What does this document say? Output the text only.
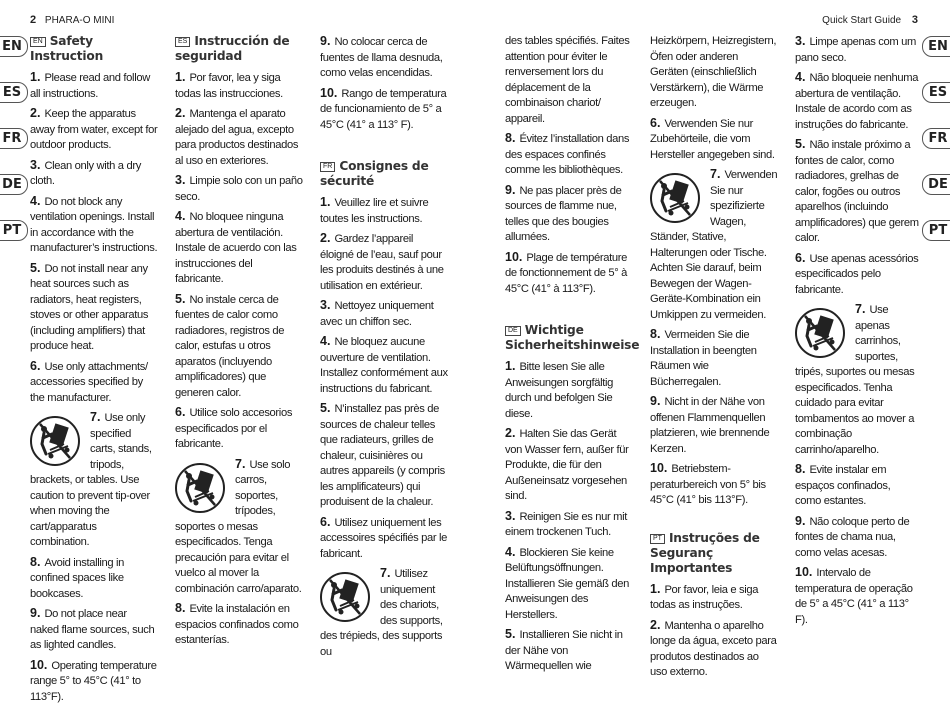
2 PHARA-O MINI	Quick Start Guide 3
EN
ES
FR
DE
PT
EN
ES
FR
DE
PT
EN Safety Instruction

1. Please read and follow all instructions.

2. Keep the apparatus away from water, except for outdoor products.

3. Clean only with a dry cloth.

4. Do not block any ventilation openings. Install in accordance with the manufacturer’s instructions.

5. Do not install near any heat sources such as radiators, heat registers, stoves or other apparatus (including amplifiers) that produce heat.

6. Use only attachments/ accessories specified by the manufacturer.

7. Use only specified carts, stands, tripods, brackets, or tables. Use caution to prevent tip-over when moving the cart/apparatus combination.

8. Avoid installing in confined spaces like bookcases.

9. Do not place near naked flame sources, such as lighted candles.

10. Operating temperature range 5° to 45°C (41° to 113°F).

ES Instrucción de seguridad

1. Por favor, lea y siga todas las instrucciones.

2. Mantenga el aparato alejado del agua, excepto para productos destinados al uso en exteriores.

3. Limpie solo con un paño seco.

4. No bloquee ninguna abertura de ventilación. Instale de acuerdo con las instrucciones del fabricante.

5. No instale cerca de fuentes de calor como radiadores, registros de calor, estufas u otros aparatos (incluyendo amplificadores) que generen calor.

6. Utilice solo accesorios especificados por el fabricante.

7. Use solo carros, soportes, trípodes, soportes o mesas especificados. Tenga precaución para evitar el vuelco al mover la combinación carro/aparato.

8. Evite la instalación en espacios confinados como estanterías.

9. No colocar cerca de fuentes de llama desnuda, como velas encendidas.

10. Rango de temperatura de funcionamiento de 5° a 45°C (41° a 113° F).

FR Consignes de sécurité

1. Veuillez lire et suivre toutes les instructions.

2. Gardez l’appareil éloigné de l’eau, sauf pour les produits destinés à une utilisation en extérieur.

3. Nettoyez uniquement avec un chiffon sec.

4. Ne bloquez aucune ouverture de ventilation. Installez conformément aux instructions du fabricant.

5. N’installez pas près de sources de chaleur telles que radiateurs, grilles de chaleur, cuisinières ou autres appareils (y compris les amplificateurs) qui produisent de la chaleur.

6. Utilisez uniquement les accessoires spécifiés par le fabricant.

7. Utilisez uniquement des chariots, des supports, des trépieds, des supports ou

des tables spécifiés. Faites attention pour éviter le renversement lors du déplacement de la combinaison chariot/ appareil.

8. Évitez l’installation dans des espaces confinés comme les bibliothèques.

9. Ne pas placer près de sources de flamme nue, telles que des bougies allumées.

10. Plage de température de fonctionnement de 5° à 45°C (41° à 113°F).

DE Wichtige Sicherheitshinweise

1. Bitte lesen Sie alle Anweisungen sorgfältig durch und befolgen Sie diese.

2. Halten Sie das Gerät von Wasser fern, außer für Produkte, die für den Außeneinsatz vorgesehen sind.

3. Reinigen Sie es nur mit einem trockenen Tuch.

4. Blockieren Sie keine Belüftungsöffnungen. Installieren Sie gemäß den Anweisungen des Herstellers.

5. Installieren Sie nicht in der Nähe von Wärmequellen wie

Heizkörpern, Heizregistern, Öfen oder anderen Geräten (einschließlich Verstärkern), die Wärme erzeugen.

6. Verwenden Sie nur Zubehörteile, die vom Hersteller angegeben sind.

7. Verwenden Sie nur spezifizierte Wagen, Ständer, Stative, Halterungen oder Tische. Achten Sie darauf, beim Bewegen der Wagen-Geräte-Kombination ein Umkippen zu vermeiden.

8. Vermeiden Sie die Installation in beengten Räumen wie Bücherregalen.

9. Nicht in der Nähe von offenen Flammenquellen platzieren, wie brennende Kerzen.

10. Betriebstem-peraturbereich von 5° bis 45°C (41° bis 113°F).

PT Instruções de Seguranç Importantes

1. Por favor, leia e siga todas as instruções.

2. Mantenha o aparelho longe da água, exceto para produtos destinados ao uso externo.

3. Limpe apenas com um pano seco.

4. Não bloqueie nenhuma abertura de ventilação. Instale de acordo com as instruções do fabricante.

5. Não instale próximo a fontes de calor, como radiadores, grelhas de calor, fogões ou outros aparelhos (incluindo amplificadores) que gerem calor.

6. Use apenas acessórios especificados pelo fabricante.

7. Use apenas carrinhos, suportes, tripés, suportes ou mesas especificados. Tenha cuidado para evitar tombamentos ao mover a combinação carrinho/aparelho.

8. Evite instalar em espaços confinados, como estantes.

9. Não coloque perto de fontes de chama nua, como velas acesas.

10. Intervalo de temperatura de operação de 5° a 45°C (41° a 113° F).
